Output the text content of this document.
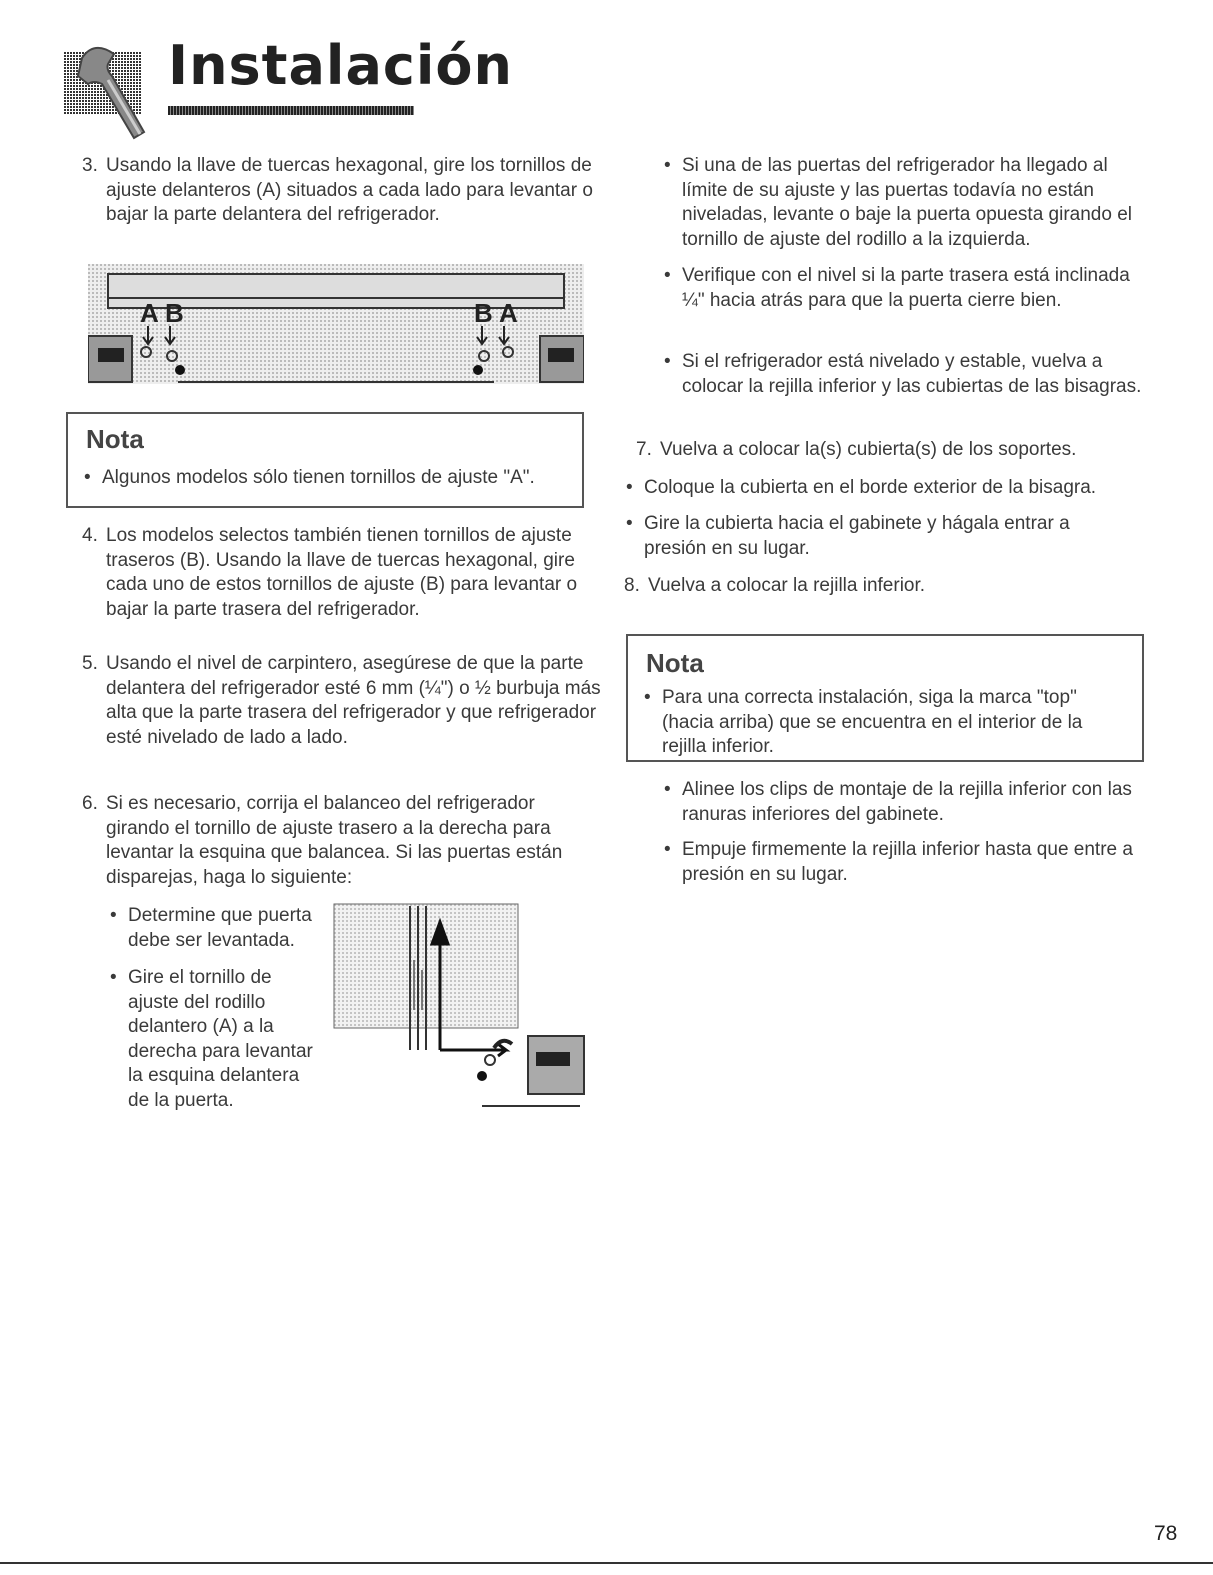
Instalación
3. Usando la llave de tuercas hexagonal, gire los tornillos de ajuste delanteros (A) situados a cada lado para levantar o bajar la parte delantera del refrigerador.

A B	B A
Nota
• Algunos modelos sólo tienen tornillos de ajuste "A".

4. Los modelos selectos también tienen tornillos de ajuste traseros (B). Usando la llave de tuercas hexagonal, gire cada uno de estos tornillos de ajuste (B) para levantar o bajar la parte trasera del refrigerador.

5. Usando el nivel de carpintero, asegúrese de que la parte delantera del refrigerador esté 6 mm (¼") o ½ burbuja más alta que la parte trasera del refrigerador y que refrigerador esté nivelado de lado a lado.

6. Si es necesario, corrija el balanceo del refrigerador girando el tornillo de ajuste trasero a la derecha para levantar la esquina que balancea. Si las puertas están disparejas, haga lo siguiente:

• Determine que puerta debe ser levantada.

• Gire el tornillo de ajuste del rodillo delantero (A) a la derecha para levantar la esquina delantera de la puerta.

• Si una de las puertas del refrigerador ha llegado al límite de su ajuste y las puertas todavía no están niveladas, levante o baje la puerta opuesta girando el tornillo de ajuste del rodillo a la izquierda.

• Verifique con el nivel si la parte trasera está inclinada ¼" hacia atrás para que la puerta cierre bien.

• Si el refrigerador está nivelado y estable, vuelva a colocar la rejilla inferior y las cubiertas de las bisagras.

7. Vuelva a colocar la(s) cubierta(s) de los soportes.

• Coloque la cubierta en el borde exterior de la bisagra.

• Gire la cubierta hacia el gabinete y hágala entrar a presión en su lugar.

8. Vuelva a colocar la rejilla inferior.

Nota
• Para una correcta instalación, siga la marca "top" (hacia arriba) que se encuentra en el interior de la rejilla inferior.

• Alinee los clips de montaje de la rejilla inferior con las ranuras inferiores del gabinete.

• Empuje firmemente la rejilla inferior hasta que entre a presión en su lugar.

78
